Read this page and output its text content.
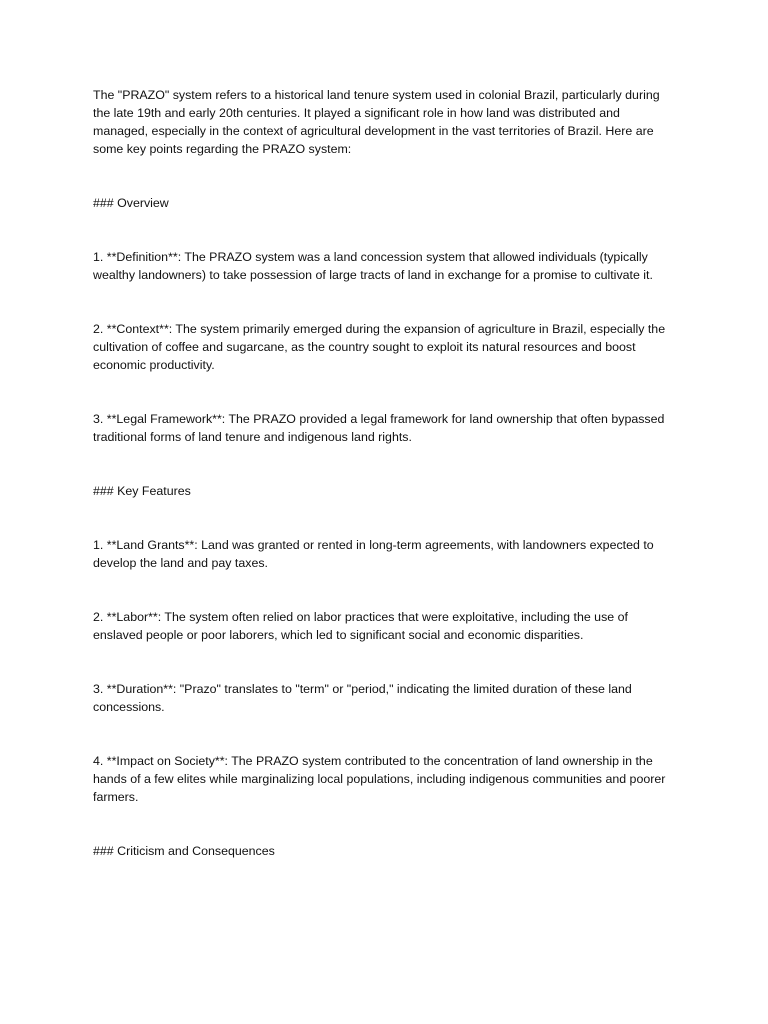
The "PRAZO" system refers to a historical land tenure system used in colonial Brazil, particularly during the late 19th and early 20th centuries. It played a significant role in how land was distributed and managed, especially in the context of agricultural development in the vast territories of Brazil. Here are some key points regarding the PRAZO system:

### Overview

1. **Definition**: The PRAZO system was a land concession system that allowed individuals (typically wealthy landowners) to take possession of large tracts of land in exchange for a promise to cultivate it.

2. **Context**: The system primarily emerged during the expansion of agriculture in Brazil, especially the cultivation of coffee and sugarcane, as the country sought to exploit its natural resources and boost economic productivity.

3. **Legal Framework**: The PRAZO provided a legal framework for land ownership that often bypassed traditional forms of land tenure and indigenous land rights.

### Key Features

1. **Land Grants**: Land was granted or rented in long-term agreements, with landowners expected to develop the land and pay taxes.

2. **Labor**: The system often relied on labor practices that were exploitative, including the use of enslaved people or poor laborers, which led to significant social and economic disparities.

3. **Duration**: "Prazo" translates to "term" or "period," indicating the limited duration of these land concessions.

4. **Impact on Society**: The PRAZO system contributed to the concentration of land ownership in the hands of a few elites while marginalizing local populations, including indigenous communities and poorer farmers.

### Criticism and Consequences
